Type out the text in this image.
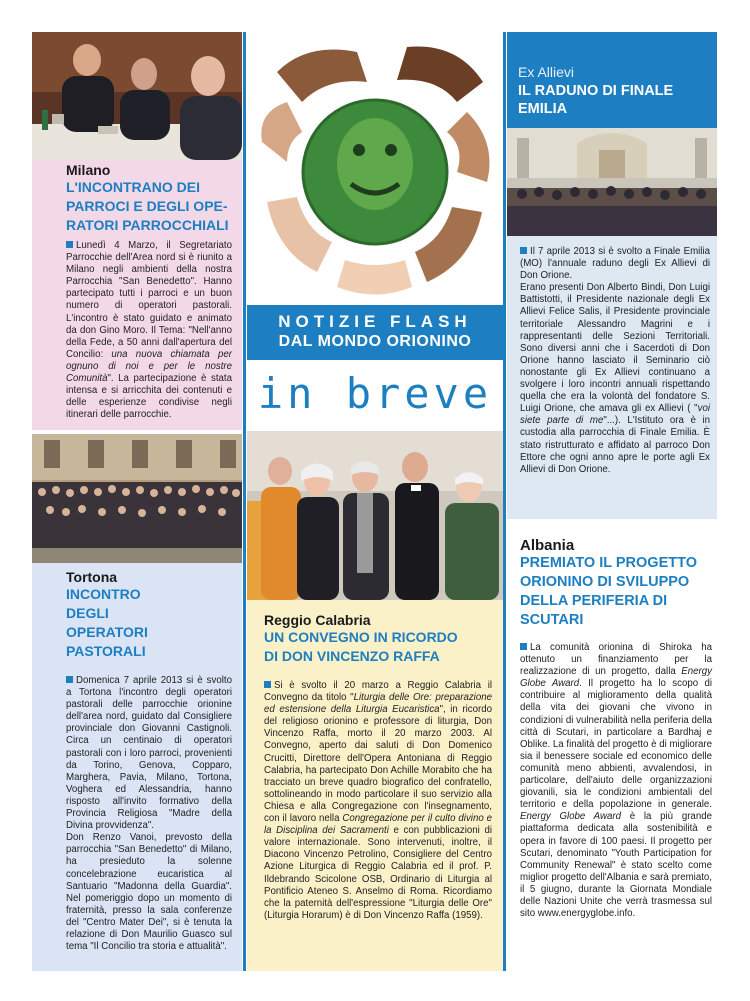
NOTIZIE FLASH
DAL MONDO ORIONINO
in breve
Ex Allievi
IL RADUNO DI FINALE EMILIA
Milano
L'INCONTRANO DEI PARROCI E DEGLI OPE- RATORI PARROCCHIALI

Lunedì 4 Marzo, il Segretariato Parrocchie dell'Area nord si è riunito a Milano negli ambienti della nostra Parrocchia "San Benedetto". Hanno partecipato tutti i parroci e un buon numero di operatori pastorali. L'incontro è stato guidato e animato da don Gino Moro. Il Tema: "Nell'anno della Fede, a 50 anni dall'apertura del Concilio: una nuova chiamata per ognuno di noi e per le nostre Comunità". La partecipazione è stata intensa e si arricchita dei contenuti e delle esperienze condivise negli itinerari delle parrocchie.

Tortona
INCONTRO DEGLI OPERATORI PASTORALI

Domenica 7 aprile 2013 si è svolto a Tortona l'incontro degli operatori pastorali delle parrocchie orionine dell'area nord, guidato dal Consigliere provinciale don Giovanni Castignoli. Circa un centinaio di operatori pastorali con i loro parroci, provenienti da Torino, Genova, Copparo, Marghera, Pavia, Milano, Tortona, Voghera ed Alessandria, hanno risposto all'invito formativo della Provincia Religiosa "Madre della Divina provvidenza".

Don Renzo Vanoi, prevosto della parrocchia "San Benedetto" di Milano, ha presieduto la solenne concelebrazione eucaristica al Santuario "Madonna della Guardia". Nel pomeriggio dopo un momento di fraternità, presso la sala conferenze del "Centro Mater Dei", si è tenuta la relazione di Don Maurilio Guasco sul tema "Il Concilio tra storia e attualità".

Reggio Calabria
UN CONVEGNO IN RICORDO DI DON VINCENZO RAFFA

Si è svolto il 20 marzo a Reggio Calabria il Convegno da titolo "Liturgia delle Ore: preparazione ed estensione della Liturgia Eucaristica", in ricordo del religioso orionino e professore di liturgia, Don Vincenzo Raffa, morto il 20 marzo 2003. Al Convegno, aperto dai saluti di Don Domenico Crucitti, Direttore dell'Opera Antoniana di Reggio Calabria, ha partecipato Don Achille Morabito che ha tracciato un breve quadro biografico del confratello, sottolineando in modo particolare il suo servizio alla Chiesa e alla Congregazione con l'insegnamento, con il lavoro nella Congregazione per il culto divino e la Disciplina dei Sacramenti e con pubblicazioni di valore internazionale. Sono intervenuti, inoltre, il Diacono Vincenzo Petrolino, Consigliere del Centro Azione Liturgica di Reggio Calabria ed il prof. P. Ildebrando Scicolone OSB, Ordinario di Liturgia al Pontificio Ateneo S. Anselmo di Roma. Ricordiamo che la paternità dell'espressione "Liturgia delle Ore" (Liturgia Horarum) è di Don Vincenzo Raffa (1959).

Il 7 aprile 2013 si è svolto a Finale Emilia (MO) l'annuale raduno degli Ex Allievi di Don Orione.

Erano presenti Don Alberto Bindi, Don Luigi Battistotti, il Presidente nazionale degli Ex Allievi Felice Salis, il Presidente provinciale territoriale Alessandro Magrini e i rappresentanti delle Sezioni Territoriali. Sono diversi anni che i Sacerdoti di Don Orione hanno lasciato il Seminario ciò nonostante gli Ex Allievi continuano a svolgere i loro incontri annuali rispettando quella che era la volontà del fondatore S. Luigi Orione, che amava gli ex Allievi ( "voi siete parte di me"...). L'Istituto ora è in custodia alla parrocchia di Finale Emilia. È stato ristrutturato e affidato al parroco Don Ettore che ogni anno apre le porte agli Ex Allievi di Don Orione.

Albania
PREMIATO IL PROGETTO ORIONINO DI SVILUPPO DELLA PERIFERIA DI SCUTARI

La comunità orionina di Shiroka ha ottenuto un finanziamento per la realizzazione di un progetto, dalla Energy Globe Award. Il progetto ha lo scopo di contribuire al miglioramento della qualità della vita dei giovani che vivono in condizioni di vulnerabilità nella periferia della città di Scutari, in particolare a Bardhaj e Oblike. La finalità del progetto è di migliorare sia il benessere sociale ed economico delle comunità meno abbienti, avvalendosi, in particolare, dell'aiuto delle organizzazioni giovanili, sia le condizioni ambientali del territorio e della popolazione in generale. Energy Globe Award è la più grande piattaforma dedicata alla sostenibilità e opera in favore di 100 paesi. Il progetto per Scutari, denominato "Youth Participation for Community Renewal" è stato scelto come miglior progetto dell'Albania e sarà premiato, il 5 giugno, durante la Giornata Mondiale delle Nazioni Unite che verrà trasmessa sul sito www.energyglobe.info.
